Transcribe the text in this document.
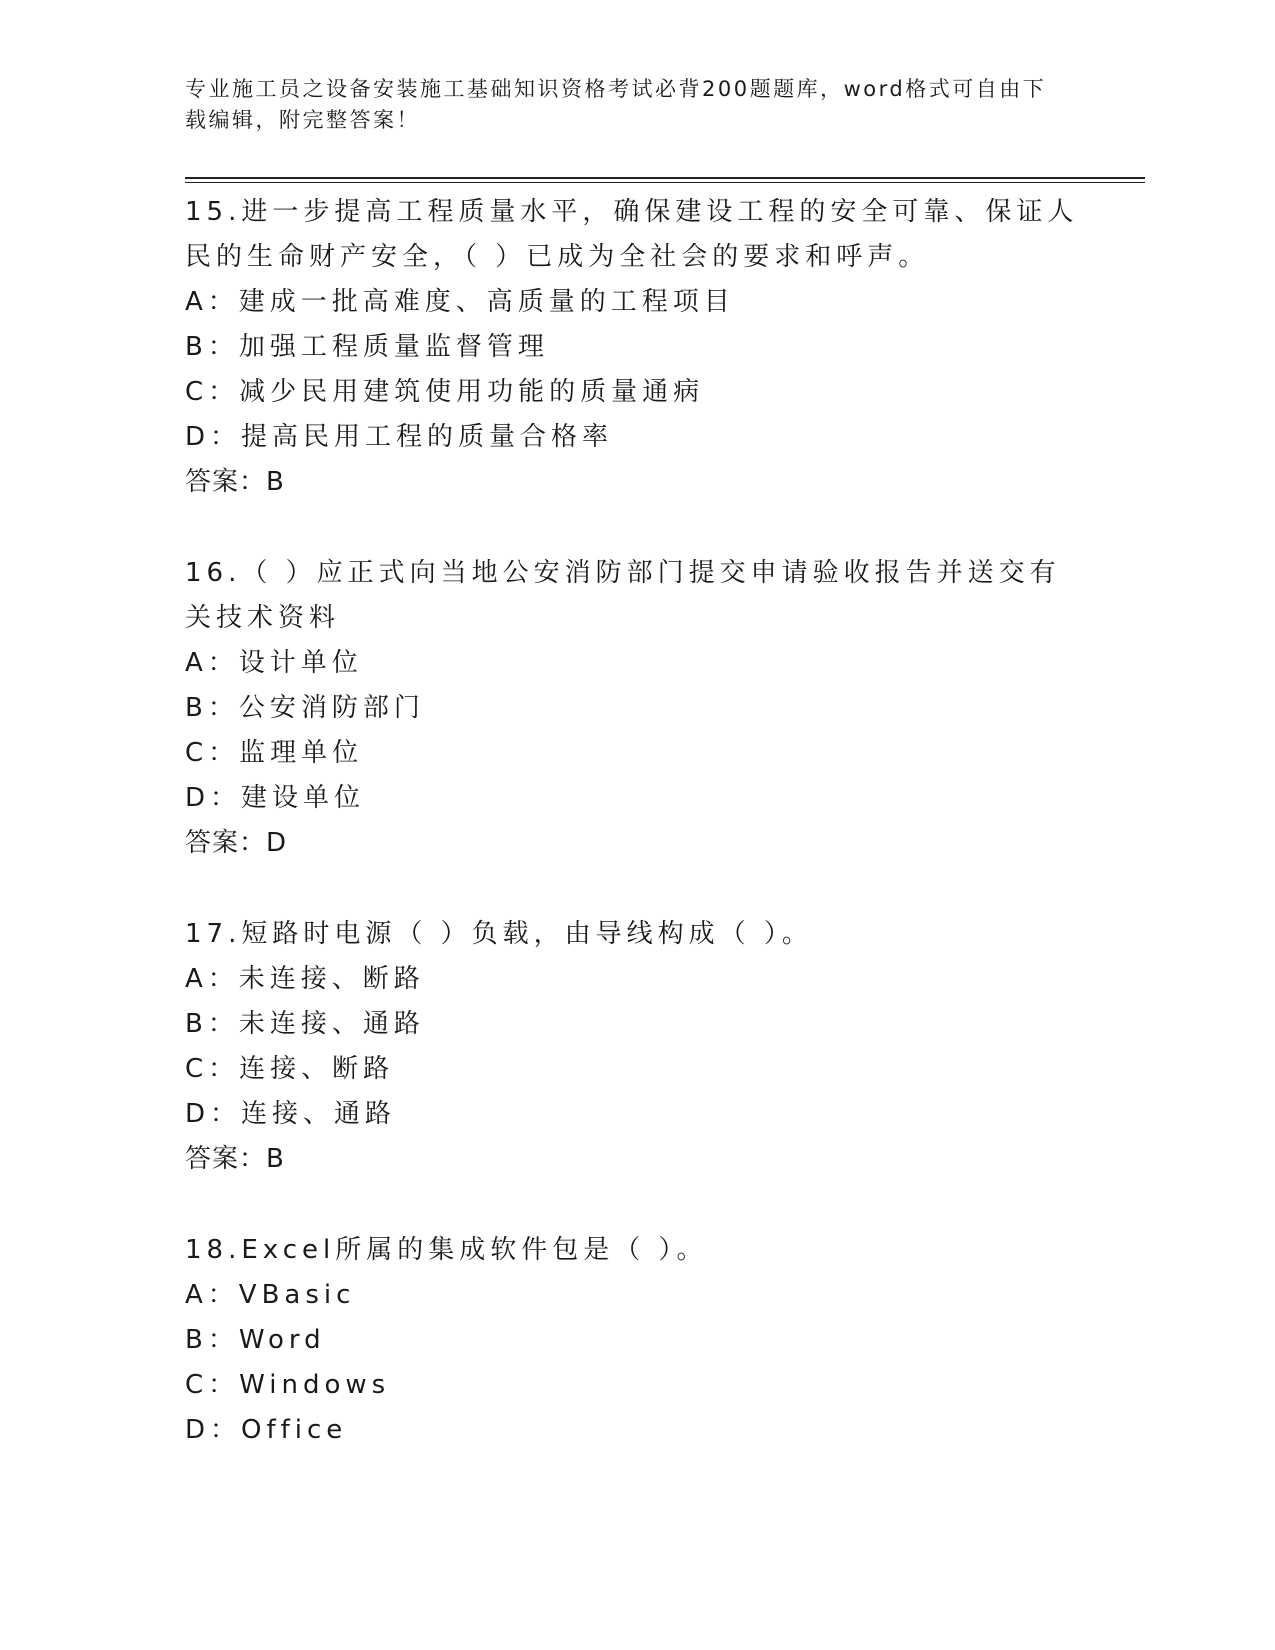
专业施工员之设备安装施工基础知识资格考试必背200题题库，word格式可自由下载编辑，附完整答案！
15.进一步提高工程质量水平，确保建设工程的安全可靠、保证人民的生命财产安全，（ ）已成为全社会的要求和呼声。
A：建成一批高难度、高质量的工程项目
B：加强工程质量监督管理
C：减少民用建筑使用功能的质量通病
D：提高民用工程的质量合格率
答案：B
16.（ ）应正式向当地公安消防部门提交申请验收报告并送交有关技术资料
A：设计单位
B：公安消防部门
C：监理单位
D：建设单位
答案：D
17.短路时电源（ ）负载，由导线构成（ ）。
A：未连接、断路
B：未连接、通路
C：连接、断路
D：连接、通路
答案：B
18.Excel所属的集成软件包是（ ）。
A：VBasic
B：Word
C：Windows
D：Office
